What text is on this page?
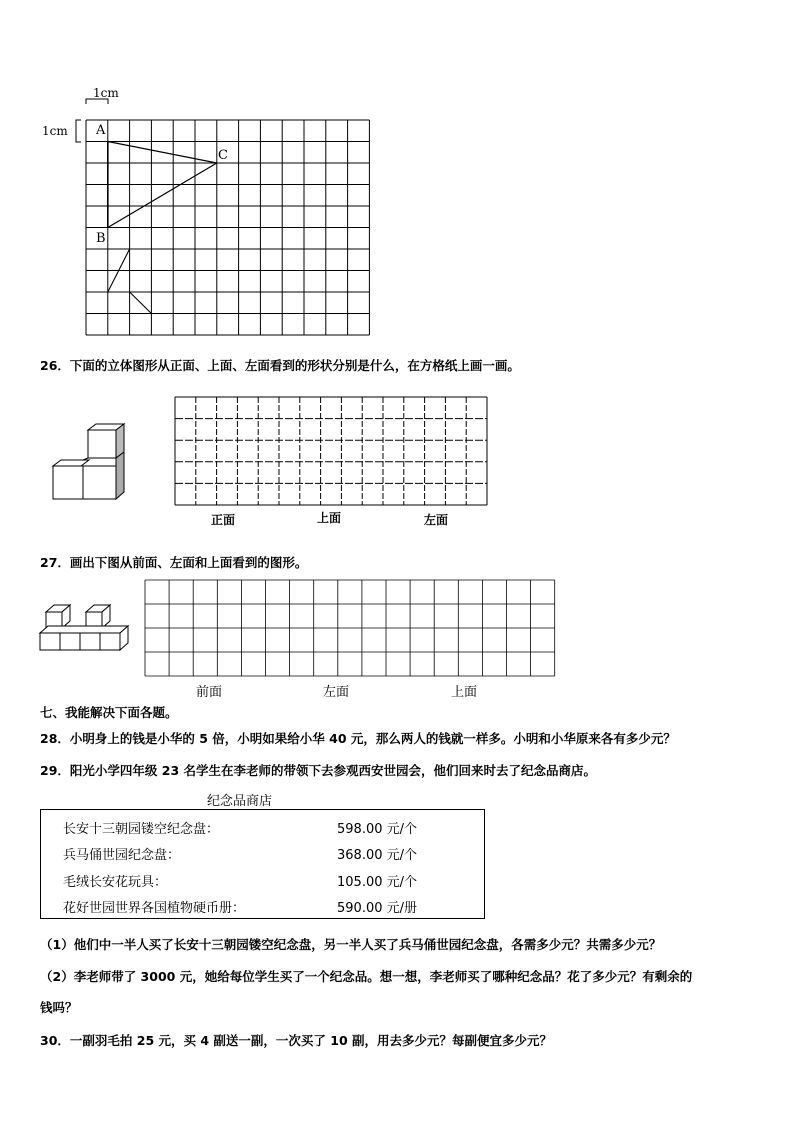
1cm
1cm A
B
C
26．下面的立体图形从正面、上面、左面看到的形状分别是什么，在方格纸上画一画。
正面	上面	左面
27．画出下图从前面、左面和上面看到的图形。
前面	左面	上面
七、我能解决下面各题。
28．小明身上的钱是小华的 5 倍，小明如果给小华 40 元，那么两人的钱就一样多。小明和小华原来各有多少元？
29．阳光小学四年级 23 名学生在李老师的带领下去参观西安世园会，他们回来时去了纪念品商店。
纪念品商店
长安十三朝园镂空纪念盘：	598.00 元/个
兵马俑世园纪念盘：	368.00 元/个
毛绒长安花玩具：	105.00 元/个
花好世园世界各国植物硬币册：	590.00 元/册
（1）他们中一半人买了长安十三朝园镂空纪念盘，另一半人买了兵马俑世园纪念盘，各需多少元？共需多少元？
（2）李老师带了 3000 元，她给每位学生买了一个纪念品。想一想，李老师买了哪种纪念品？花了多少元？有剩余的
钱吗？
30．一副羽毛拍 25 元，买 4 副送一副，一次买了 10 副，用去多少元？每副便宜多少元？
